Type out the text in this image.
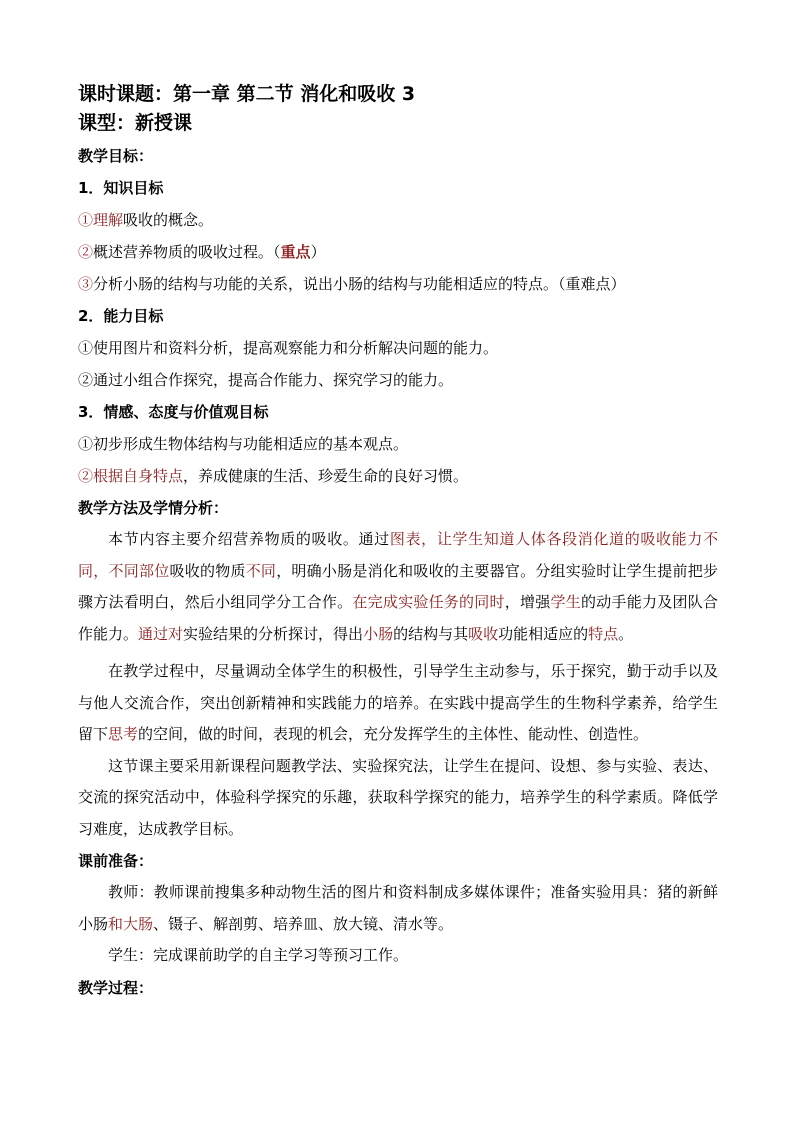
课时课题：第一章 第二节 消化和吸收 3
课型：新授课
教学目标：
1．知识目标
①理解吸收的概念。
②概述营养物质的吸收过程。（重点）
③分析小肠的结构与功能的关系，说出小肠的结构与功能相适应的特点。（重难点）
2．能力目标
①使用图片和资料分析，提高观察能力和分析解决问题的能力。
②通过小组合作探究，提高合作能力、探究学习的能力。
3．情感、态度与价值观目标
①初步形成生物体结构与功能相适应的基本观点。
②根据自身特点，养成健康的生活、珍爱生命的良好习惯。
教学方法及学情分析：
本节内容主要介绍营养物质的吸收。通过图表，让学生知道人体各段消化道的吸收能力不同，不同部位吸收的物质不同，明确小肠是消化和吸收的主要器官。分组实验时让学生提前把步骤方法看明白，然后小组同学分工合作。在完成实验任务的同时，增强学生的动手能力及团队合作能力。通过对实验结果的分析探讨，得出小肠的结构与其吸收功能相适应的特点。
在教学过程中，尽量调动全体学生的积极性，引导学生主动参与，乐于探究，勤于动手以及与他人交流合作，突出创新精神和实践能力的培养。在实践中提高学生的生物科学素养，给学生留下思考的空间，做的时间，表现的机会，充分发挥学生的主体性、能动性、创造性。
这节课主要采用新课程问题教学法、实验探究法，让学生在提问、设想、参与实验、表达、交流的探究活动中，体验科学探究的乐趣，获取科学探究的能力，培养学生的科学素质。降低学习难度，达成教学目标。
课前准备：
教师：教师课前搜集多种动物生活的图片和资料制成多媒体课件；准备实验用具：猪的新鲜小肠和大肠、镊子、解剖剪、培养皿、放大镜、清水等。
学生：完成课前助学的自主学习等预习工作。
教学过程：
